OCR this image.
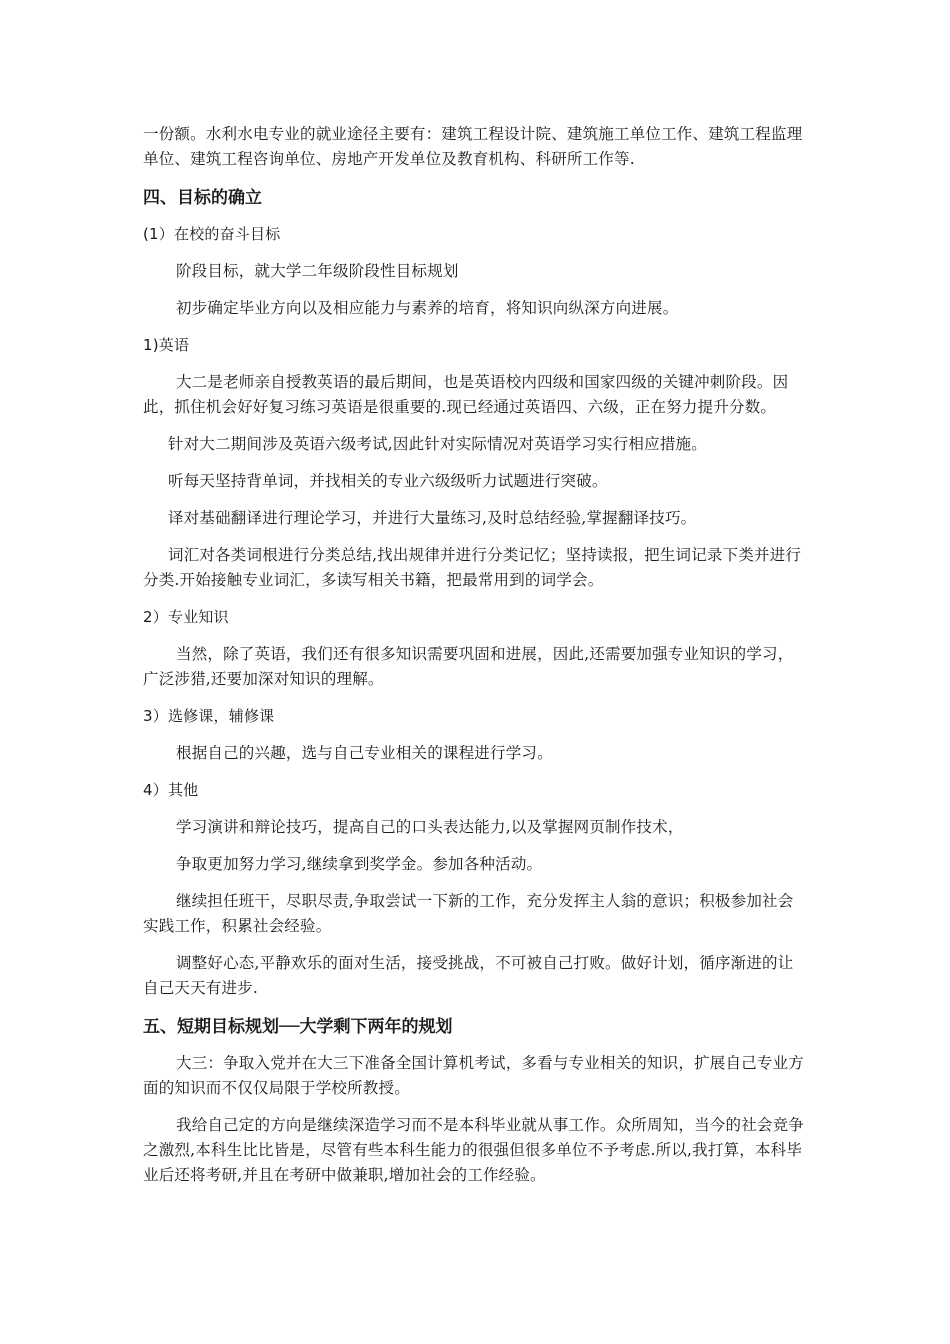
一份额。水利水电专业的就业途径主要有：建筑工程设计院、建筑施工单位工作、建筑工程监理单位、建筑工程咨询单位、房地产开发单位及教育机构、科研所工作等.

四、目标的确立

(1）在校的奋斗目标

阶段目标，就大学二年级阶段性目标规划

初步确定毕业方向以及相应能力与素养的培育，将知识向纵深方向进展。

1)英语

大二是老师亲自授教英语的最后期间，也是英语校内四级和国家四级的关键冲刺阶段。因此，抓住机会好好复习练习英语是很重要的.现已经通过英语四、六级，正在努力提升分数。

针对大二期间涉及英语六级考试,因此针对实际情况对英语学习实行相应措施。

听每天坚持背单词，并找相关的专业六级级听力试题进行突破。

译对基础翻译进行理论学习，并进行大量练习,及时总结经验,掌握翻译技巧。

词汇对各类词根进行分类总结,找出规律并进行分类记忆；坚持读报，把生词记录下类并进行分类.开始接触专业词汇，多读写相关书籍，把最常用到的词学会。

2）专业知识

当然，除了英语，我们还有很多知识需要巩固和进展，因此,还需要加强专业知识的学习，广泛涉猎,还要加深对知识的理解。

3）选修课，辅修课

根据自己的兴趣，选与自己专业相关的课程进行学习。

4）其他

学习演讲和辩论技巧，提高自己的口头表达能力,以及掌握网页制作技术，

争取更加努力学习,继续拿到奖学金。参加各种活动。

继续担任班干，尽职尽责,争取尝试一下新的工作，充分发挥主人翁的意识；积极参加社会实践工作，积累社会经验。

调整好心态,平静欢乐的面对生活，接受挑战，不可被自己打败。做好计划，循序渐进的让自己天天有进步.

五、短期目标规划──大学剩下两年的规划

大三：争取入党并在大三下准备全国计算机考试，多看与专业相关的知识，扩展自己专业方面的知识而不仅仅局限于学校所教授。

我给自己定的方向是继续深造学习而不是本科毕业就从事工作。众所周知，当今的社会竞争之激烈,本科生比比皆是，尽管有些本科生能力的很强但很多单位不予考虑.所以,我打算，本科毕业后还将考研,并且在考研中做兼职,增加社会的工作经验。
